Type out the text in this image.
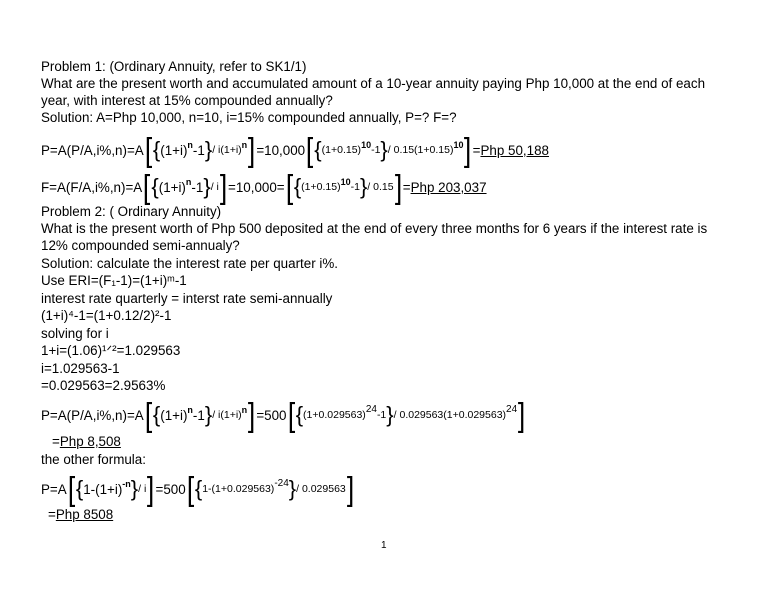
Problem 1: (Ordinary Annuity, refer to SK1/1)
What are the present worth and accumulated amount of a 10-year annuity paying Php 10,000 at the end of each
year, with interest at 15% compounded annually?
Solution: A=Php 10,000, n=10, i=15% compounded annually, P=? F=?
P=A(P/A,i%,n)=A [ { (1+i) n -1 } / i(1+i) n ] =10,000 [ { (1+0.15) 10 -1 } / 0.15(1+0.15) 10 ] = Php 50,188
F=A(F/A,i%,n)=A [ { (1+i) n -1 } / i ] =10,000= [ { (1+0.15) 10 -1 } / 0.15 ] = Php 203,037
Problem 2: ( Ordinary Annuity)
What is the present worth of Php 500 deposited at the end of every three months for 6 years if the interest rate is
12% compounded semi-annualy?
Solution: calculate the interest rate per quarter i%.
Use ERI=(F₁-1)=(1+i)ᵐ-1
interest rate quarterly = interst rate semi-annually
(1+i)⁴-1=(1+0.12/2)²-1
solving for i
1+i=(1.06)¹ᐟ²=1.029563
i=1.029563-1
=0.029563=2.9563%
P=A(P/A,i%,n)=A [ { (1+i) n -1 } / i(1+i) n ] =500 [ { (1+0.029563) 24 -1 } / 0.029563(1+0.029563) 24 ]
=Php 8,508
the other formula:
P=A [ { 1-(1+i) -n } / i ] =500 [ { 1-(1+0.029563) -24 } / 0.029563 ]
=Php 8508
1
